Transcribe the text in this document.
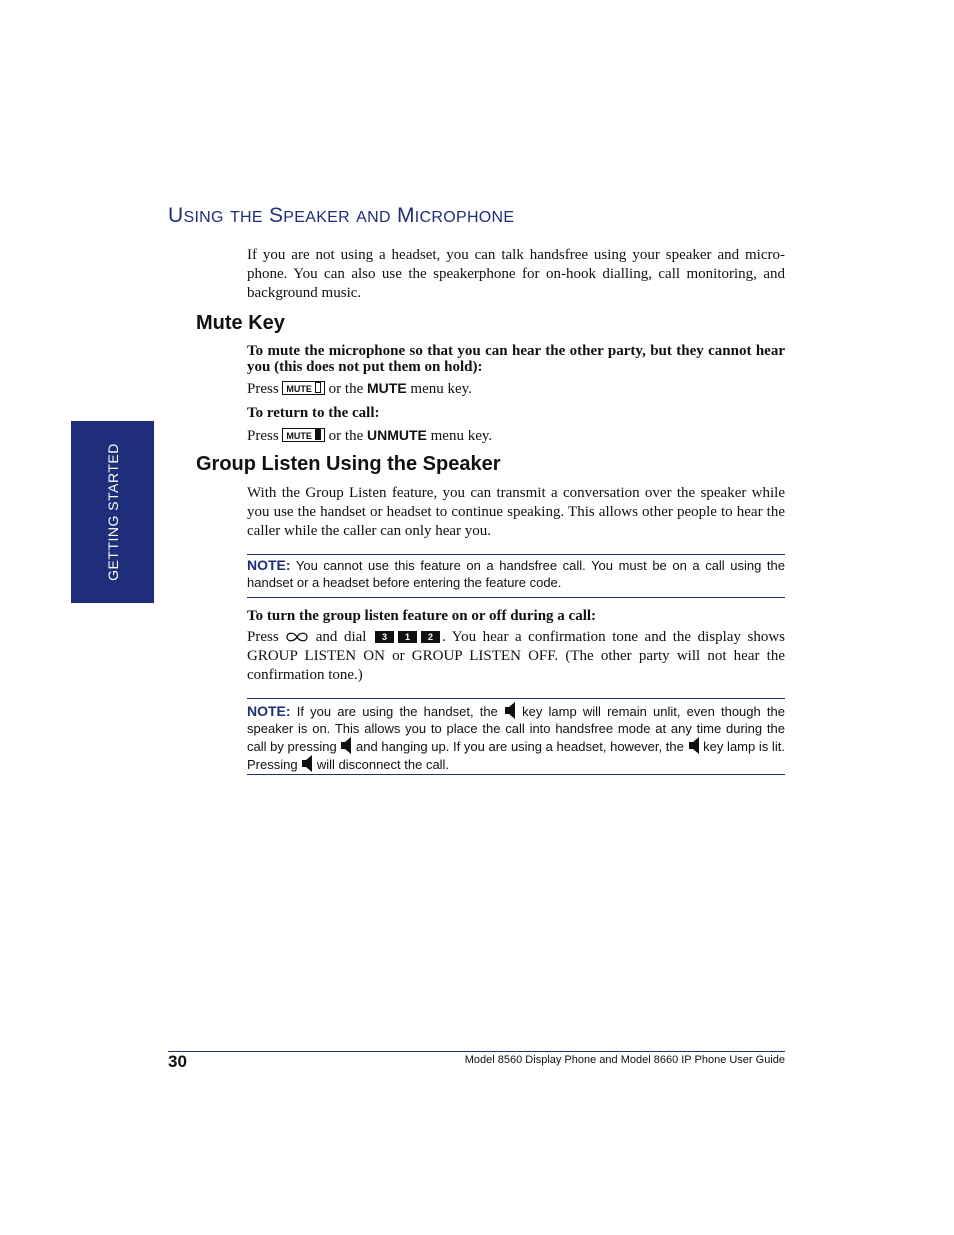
GETTING STARTED
USING THE SPEAKER AND MICROPHONE

If you are not using a headset, you can talk handsfree using your speaker and micro-phone. You can also use the speakerphone for on-hook dialling, call monitoring, and background music.

Mute Key

To mute the microphone so that you can hear the other party, but they cannot hear you (this does not put them on hold):

Press MUTE or the MUTE menu key.

To return to the call:

Press MUTE or the UNMUTE menu key.

Group Listen Using the Speaker

With the Group Listen feature, you can transmit a conversation over the speaker while you use the handset or headset to continue speaking. This allows other people to hear the caller while the caller can only hear you.

NOTE: You cannot use this feature on a handsfree call. You must be on a call using the handset or a headset before entering the feature code.

To turn the group listen feature on or off during a call:

Press and dial 3 1 2 . You hear a confirmation tone and the display shows GROUP LISTEN ON or GROUP LISTEN OFF. (The other party will not hear the confirmation tone.)

NOTE: If you are using the handset, the key lamp will remain unlit, even though the speaker is on. This allows you to place the call into handsfree mode at any time during the call by pressing and hanging up. If you are using a headset, however, the key lamp is lit. Pressing will disconnect the call.
30	Model 8560 Display Phone and Model 8660 IP Phone User Guide
